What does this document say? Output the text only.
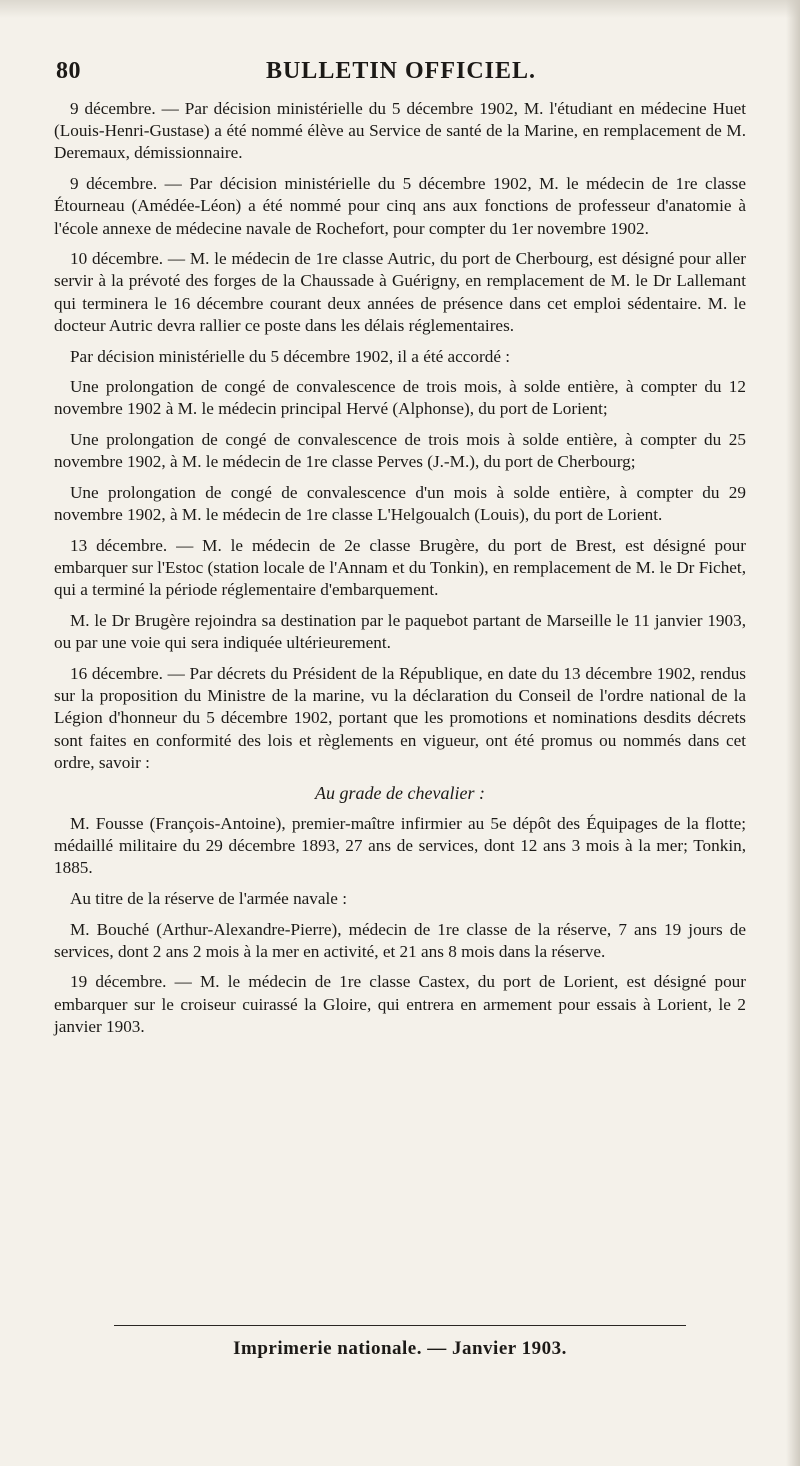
80	BULLETIN OFFICIEL.

9 décembre. — Par décision ministérielle du 5 décembre 1902, M. l'étudiant en médecine Huet (Louis-Henri-Gustase) a été nommé élève au Service de santé de la Marine, en remplacement de M. Deremaux, démissionnaire.

9 décembre. — Par décision ministérielle du 5 décembre 1902, M. le médecin de 1re classe Étourneau (Amédée-Léon) a été nommé pour cinq ans aux fonctions de professeur d'anatomie à l'école annexe de médecine navale de Rochefort, pour compter du 1er novembre 1902.

10 décembre. — M. le médecin de 1re classe Autric, du port de Cherbourg, est désigné pour aller servir à la prévoté des forges de la Chaussade à Guérigny, en remplacement de M. le Dr Lallemant qui terminera le 16 décembre courant deux années de présence dans cet emploi sédentaire. M. le docteur Autric devra rallier ce poste dans les délais réglementaires.

Par décision ministérielle du 5 décembre 1902, il a été accordé :

Une prolongation de congé de convalescence de trois mois, à solde entière, à compter du 12 novembre 1902 à M. le médecin principal Hervé (Alphonse), du port de Lorient;

Une prolongation de congé de convalescence de trois mois à solde entière, à compter du 25 novembre 1902, à M. le médecin de 1re classe Perves (J.-M.), du port de Cherbourg;

Une prolongation de congé de convalescence d'un mois à solde entière, à compter du 29 novembre 1902, à M. le médecin de 1re classe L'Helgoualch (Louis), du port de Lorient.

13 décembre. — M. le médecin de 2e classe Brugère, du port de Brest, est désigné pour embarquer sur l'Estoc (station locale de l'Annam et du Tonkin), en remplacement de M. le Dr Fichet, qui a terminé la période réglementaire d'embarquement.

M. le Dr Brugère rejoindra sa destination par le paquebot partant de Marseille le 11 janvier 1903, ou par une voie qui sera indiquée ultérieurement.

16 décembre. — Par décrets du Président de la République, en date du 13 décembre 1902, rendus sur la proposition du Ministre de la marine, vu la déclaration du Conseil de l'ordre national de la Légion d'honneur du 5 décembre 1902, portant que les promotions et nominations desdits décrets sont faites en conformité des lois et règlements en vigueur, ont été promus ou nommés dans cet ordre, savoir :

Au grade de chevalier :

M. Fousse (François-Antoine), premier-maître infirmier au 5e dépôt des Équipages de la flotte; médaillé militaire du 29 décembre 1893, 27 ans de services, dont 12 ans 3 mois à la mer; Tonkin, 1885.

Au titre de la réserve de l'armée navale :

M. Bouché (Arthur-Alexandre-Pierre), médecin de 1re classe de la réserve, 7 ans 19 jours de services, dont 2 ans 2 mois à la mer en activité, et 21 ans 8 mois dans la réserve.

19 décembre. — M. le médecin de 1re classe Castex, du port de Lorient, est désigné pour embarquer sur le croiseur cuirassé la Gloire, qui entrera en armement pour essais à Lorient, le 2 janvier 1903.

Imprimerie nationale. — Janvier 1903.
